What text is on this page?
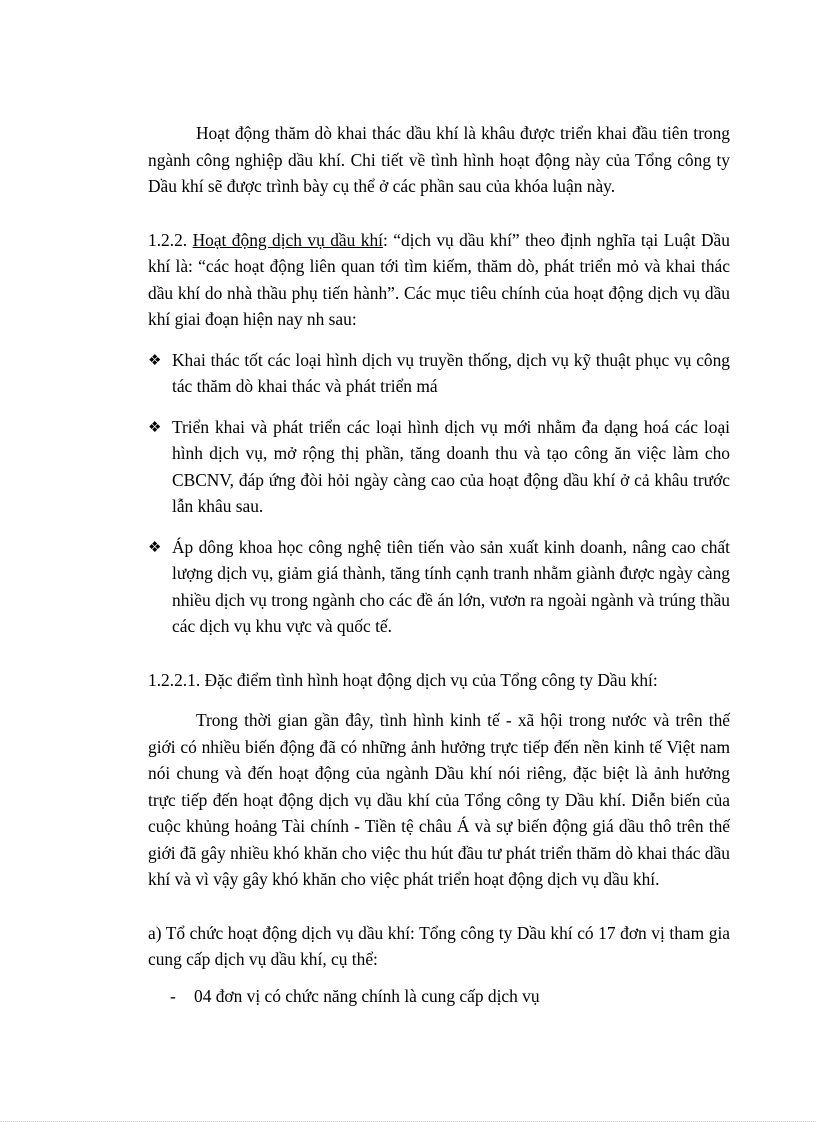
Hoạt động thăm dò khai thác dầu khí là khâu được triển khai đầu tiên trong ngành công nghiệp dầu khí. Chi tiết về tình hình hoạt động này của Tổng công ty Dầu khí sẽ được trình bày cụ thể ở các phần sau của khóa luận này.

1.2.2. Hoạt động dịch vụ dầu khí: “dịch vụ dầu khí” theo định nghĩa tại Luật Dầu khí là: “các hoạt động liên quan tới tìm kiếm, thăm dò, phát triển mỏ và khai thác dầu khí do nhà thầu phụ tiến hành”. Các mục tiêu chính của hoạt động dịch vụ dầu khí giai đoạn hiện nay nh sau:

❖ Khai thác tốt các loại hình dịch vụ truyền thống, dịch vụ kỹ thuật phục vụ công tác thăm dò khai thác và phát triển má

❖ Triển khai và phát triển các loại hình dịch vụ mới nhằm đa dạng hoá các loại hình dịch vụ, mở rộng thị phần, tăng doanh thu và tạo công ăn việc làm cho CBCNV, đáp ứng đòi hỏi ngày càng cao của hoạt động dầu khí ở cả khâu trước lẫn khâu sau.

❖ Áp dông khoa học công nghệ tiên tiến vào sản xuất kinh doanh, nâng cao chất lượng dịch vụ, giảm giá thành, tăng tính cạnh tranh nhằm giành được ngày càng nhiều dịch vụ trong ngành cho các đề án lớn, vươn ra ngoài ngành và trúng thầu các dịch vụ khu vực và quốc tế.

1.2.2.1. Đặc điểm tình hình hoạt động dịch vụ của Tổng công ty Dầu khí:

Trong thời gian gần đây, tình hình kinh tế - xã hội trong nước và trên thế giới có nhiều biến động đã có những ảnh hưởng trực tiếp đến nền kinh tế Việt nam nói chung và đến hoạt động của ngành Dầu khí nói riêng, đặc biệt là ảnh hưởng trực tiếp đến hoạt động dịch vụ dầu khí của Tổng công ty Dầu khí. Diễn biến của cuộc khủng hoảng Tài chính - Tiền tệ châu Á và sự biến động giá dầu thô trên thế giới đã gây nhiều khó khăn cho việc thu hút đầu tư phát triển thăm dò khai thác dầu khí và vì vậy gây khó khăn cho việc phát triển hoạt động dịch vụ dầu khí.

a) Tổ chức hoạt động dịch vụ dầu khí: Tổng công ty Dầu khí có 17 đơn vị tham gia cung cấp dịch vụ dầu khí, cụ thể:

- 04 đơn vị có chức năng chính là cung cấp dịch vụ
